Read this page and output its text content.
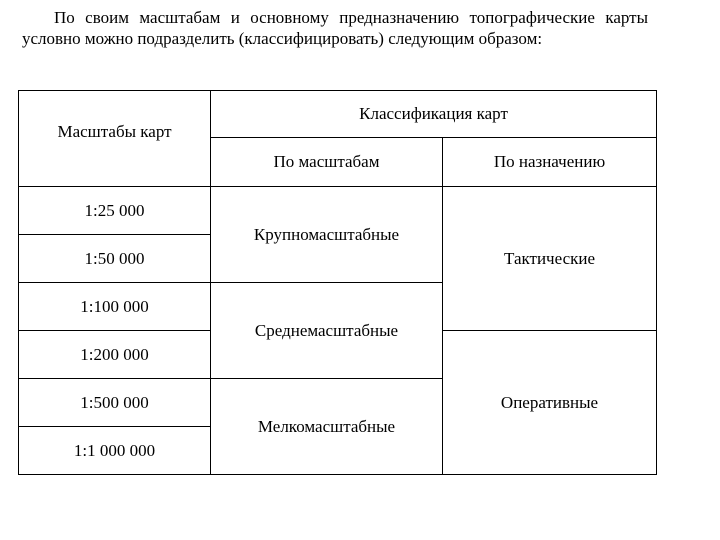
По своим масштабам и основному предназначению топографические карты условно можно подразделить (классифицировать) следующим образом:

Масштабы карт	Классификация карт	
	По масштабам	По назначению
1:25 000	Крупномасштабные	Тактические
1:50 000		
1:100 000	Среднемасштабные	
1:200 000		Оперативные
1:500 000	Мелкомасштабные	
1:1 000 000		
